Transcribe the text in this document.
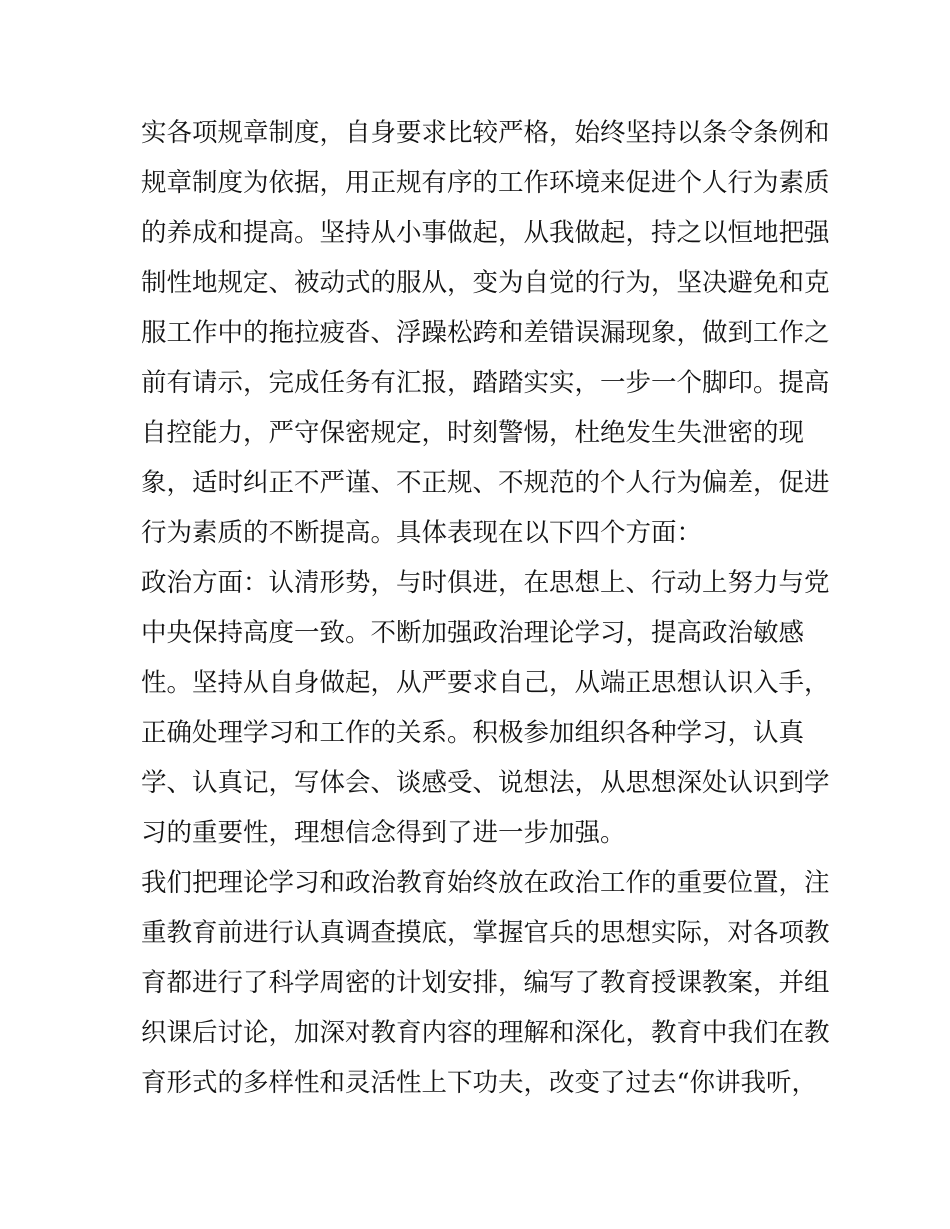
实各项规章制度，自身要求比较严格，始终坚持以条令条例和
规章制度为依据，用正规有序的工作环境来促进个人行为素质
的养成和提高。坚持从小事做起，从我做起，持之以恒地把强
制性地规定、被动式的服从，变为自觉的行为，坚决避免和克
服工作中的拖拉疲沓、浮躁松跨和差错误漏现象，做到工作之
前有请示，完成任务有汇报，踏踏实实，一步一个脚印。提高
自控能力，严守保密规定，时刻警惕，杜绝发生失泄密的现
象，适时纠正不严谨、不正规、不规范的个人行为偏差，促进
行为素质的不断提高。具体表现在以下四个方面：
政治方面：认清形势，与时俱进，在思想上、行动上努力与党
中央保持高度一致。不断加强政治理论学习，提高政治敏感
性。坚持从自身做起，从严要求自己，从端正思想认识入手，
正确处理学习和工作的关系。积极参加组织各种学习，认真
学、认真记，写体会、谈感受、说想法，从思想深处认识到学
习的重要性，理想信念得到了进一步加强。
我们把理论学习和政治教育始终放在政治工作的重要位置，注
重教育前进行认真调查摸底，掌握官兵的思想实际，对各项教
育都进行了科学周密的计划安排，编写了教育授课教案，并组
织课后讨论，加深对教育内容的理解和深化，教育中我们在教
育形式的多样性和灵活性上下功夫，改变了过去“你讲我听，
